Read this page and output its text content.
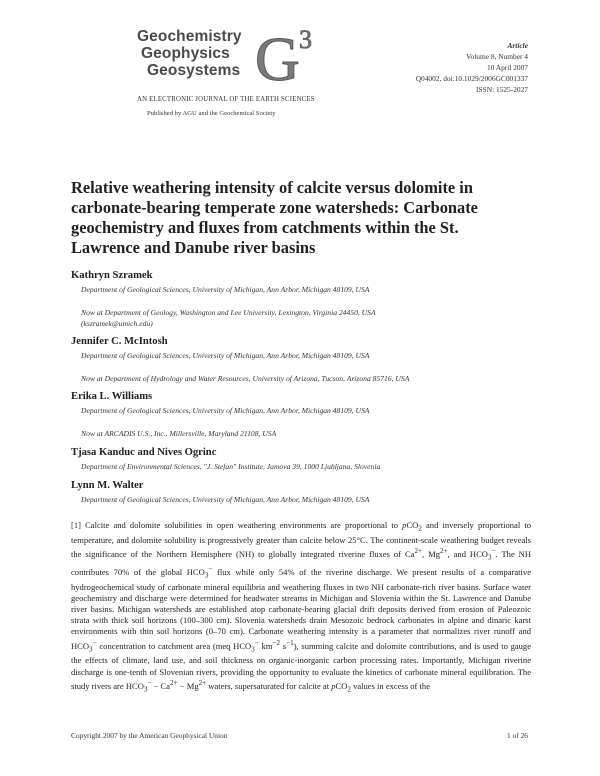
Geochemistry
Geophysics
Geosystems G 3
AN ELECTRONIC JOURNAL OF THE EARTH SCIENCES
Published by AGU and the Geochemical Society
Article
Volume 8, Number 4
10 April 2007
Q04002, doi:10.1029/2006GC001337
ISSN: 1525-2027
Relative weathering intensity of calcite versus dolomite in carbonate-bearing temperate zone watersheds: Carbonate geochemistry and fluxes from catchments within the St. Lawrence and Danube river basins
Kathryn Szramek
Department of Geological Sciences, University of Michigan, Ann Arbor, Michigan 48109, USA
Now at Department of Geology, Washington and Lee University, Lexington, Virginia 24450, USA
(kszramek@umich.edu)
Jennifer C. McIntosh
Department of Geological Sciences, University of Michigan, Ann Arbor, Michigan 48109, USA
Now at Department of Hydrology and Water Resources, University of Arizona, Tucson, Arizona 85716, USA
Erika L. Williams
Department of Geological Sciences, University of Michigan, Ann Arbor, Michigan 48109, USA
Now at ARCADIS U.S., Inc., Millersville, Maryland 21108, USA
Tjasa Kanduc and Nives Ogrinc
Department of Environmental Sciences, "J. Stefan" Institute, Jamova 39, 1000 Ljubljana, Slovenia
Lynn M. Walter
Department of Geological Sciences, University of Michigan, Ann Arbor, Michigan 48109, USA
[1] Calcite and dolomite solubilities in open weathering environments are proportional to pCO$_2$ and inversely proportional to temperature, and dolomite solubility is progressively greater than calcite below 25°C. The continent-scale weathering budget reveals the significance of the Northern Hemisphere (NH) to globally integrated riverine fluxes of $Ca^{2+}$, $Mg^{2+}$, and $HCO_3^-$. The NH contributes 70% of the global $HCO_3^-$ flux while only 54% of the riverine discharge. We present results of a comparative hydrogeochemical study of carbonate mineral equilibria and weathering fluxes in two NH carbonate-rich river basins. Surface water geochemistry and discharge were determined for headwater streams in Michigan and Slovenia within the St. Lawrence and Danube river basins. Michigan watersheds are established atop carbonate-bearing glacial drift deposits derived from erosion of Paleozoic strata with thick soil horizons (100–300 cm). Slovenia watersheds drain Mesozoic bedrock carbonates in alpine and dinaric karst environments with thin soil horizons (0–70 cm). Carbonate weathering intensity is a parameter that normalizes river runoff and $HCO_3^-$ concentration to catchment area (meq $HCO_3^-$ $km^{-2}$ $s^{-1}$), summing calcite and dolomite contributions, and is used to gauge the effects of climate, land use, and soil thickness on organic-inorganic carbon processing rates. Importantly, Michigan riverine discharge is one-tenth of Slovenian rivers, providing the opportunity to evaluate the kinetics of carbonate mineral equilibration. The study rivers are $HCO_3^- - Ca^{2+} - Mg^{2+}$ waters, supersaturated for calcite at pCO$_2$ values in excess of the
Copyright 2007 by the American Geophysical Union	1 of 26
